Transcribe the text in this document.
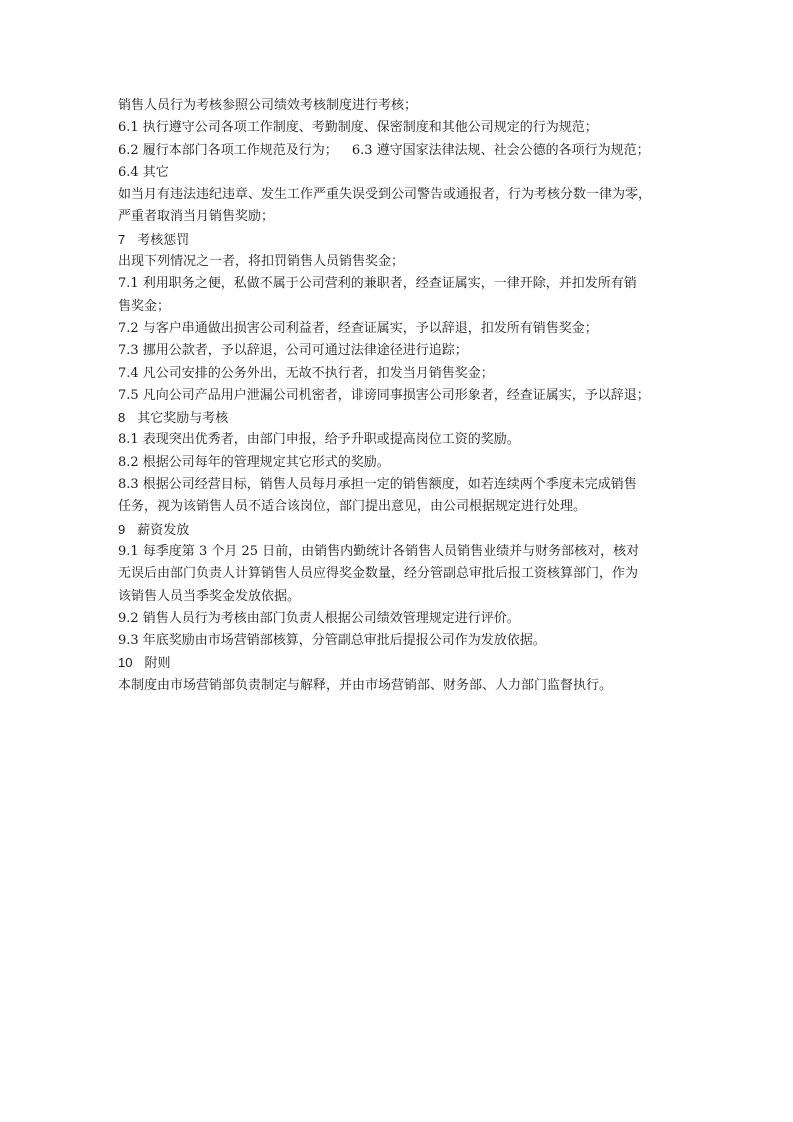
销售人员行为考核参照公司绩效考核制度进行考核；
6.1 执行遵守公司各项工作制度、考勤制度、保密制度和其他公司规定的行为规范；
6.2 履行本部门各项工作规范及行为； 6.3 遵守国家法律法规、社会公德的各项行为规范；
6.4 其它
如当月有违法违纪违章、发生工作严重失误受到公司警告或通报者，行为考核分数一律为零，
严重者取消当月销售奖励；
7 考核惩罚
出现下列情况之一者，将扣罚销售人员销售奖金；
7.1 利用职务之便，私做不属于公司营利的兼职者，经查证属实，一律开除，并扣发所有销
售奖金；
7.2 与客户串通做出损害公司利益者，经查证属实，予以辞退，扣发所有销售奖金；
7.3 挪用公款者，予以辞退，公司可通过法律途径进行追踪；
7.4 凡公司安排的公务外出，无故不执行者，扣发当月销售奖金；
7.5 凡向公司产品用户泄漏公司机密者，诽谤同事损害公司形象者，经查证属实，予以辞退；
8 其它奖励与考核
8.1 表现突出优秀者，由部门申报，给予升职或提高岗位工资的奖励。
8.2 根据公司每年的管理规定其它形式的奖励。
8.3 根据公司经营目标，销售人员每月承担一定的销售额度，如若连续两个季度未完成销售
任务，视为该销售人员不适合该岗位，部门提出意见，由公司根据规定进行处理。
9 薪资发放
9.1 每季度第 3 个月 25 日前，由销售内勤统计各销售人员销售业绩并与财务部核对，核对
无误后由部门负责人计算销售人员应得奖金数量，经分管副总审批后报工资核算部门，作为
该销售人员当季奖金发放依据。
9.2 销售人员行为考核由部门负责人根据公司绩效管理规定进行评价。
9.3 年底奖励由市场营销部核算，分管副总审批后提报公司作为发放依据。
10 附则
本制度由市场营销部负责制定与解释，并由市场营销部、财务部、人力部门监督执行。
